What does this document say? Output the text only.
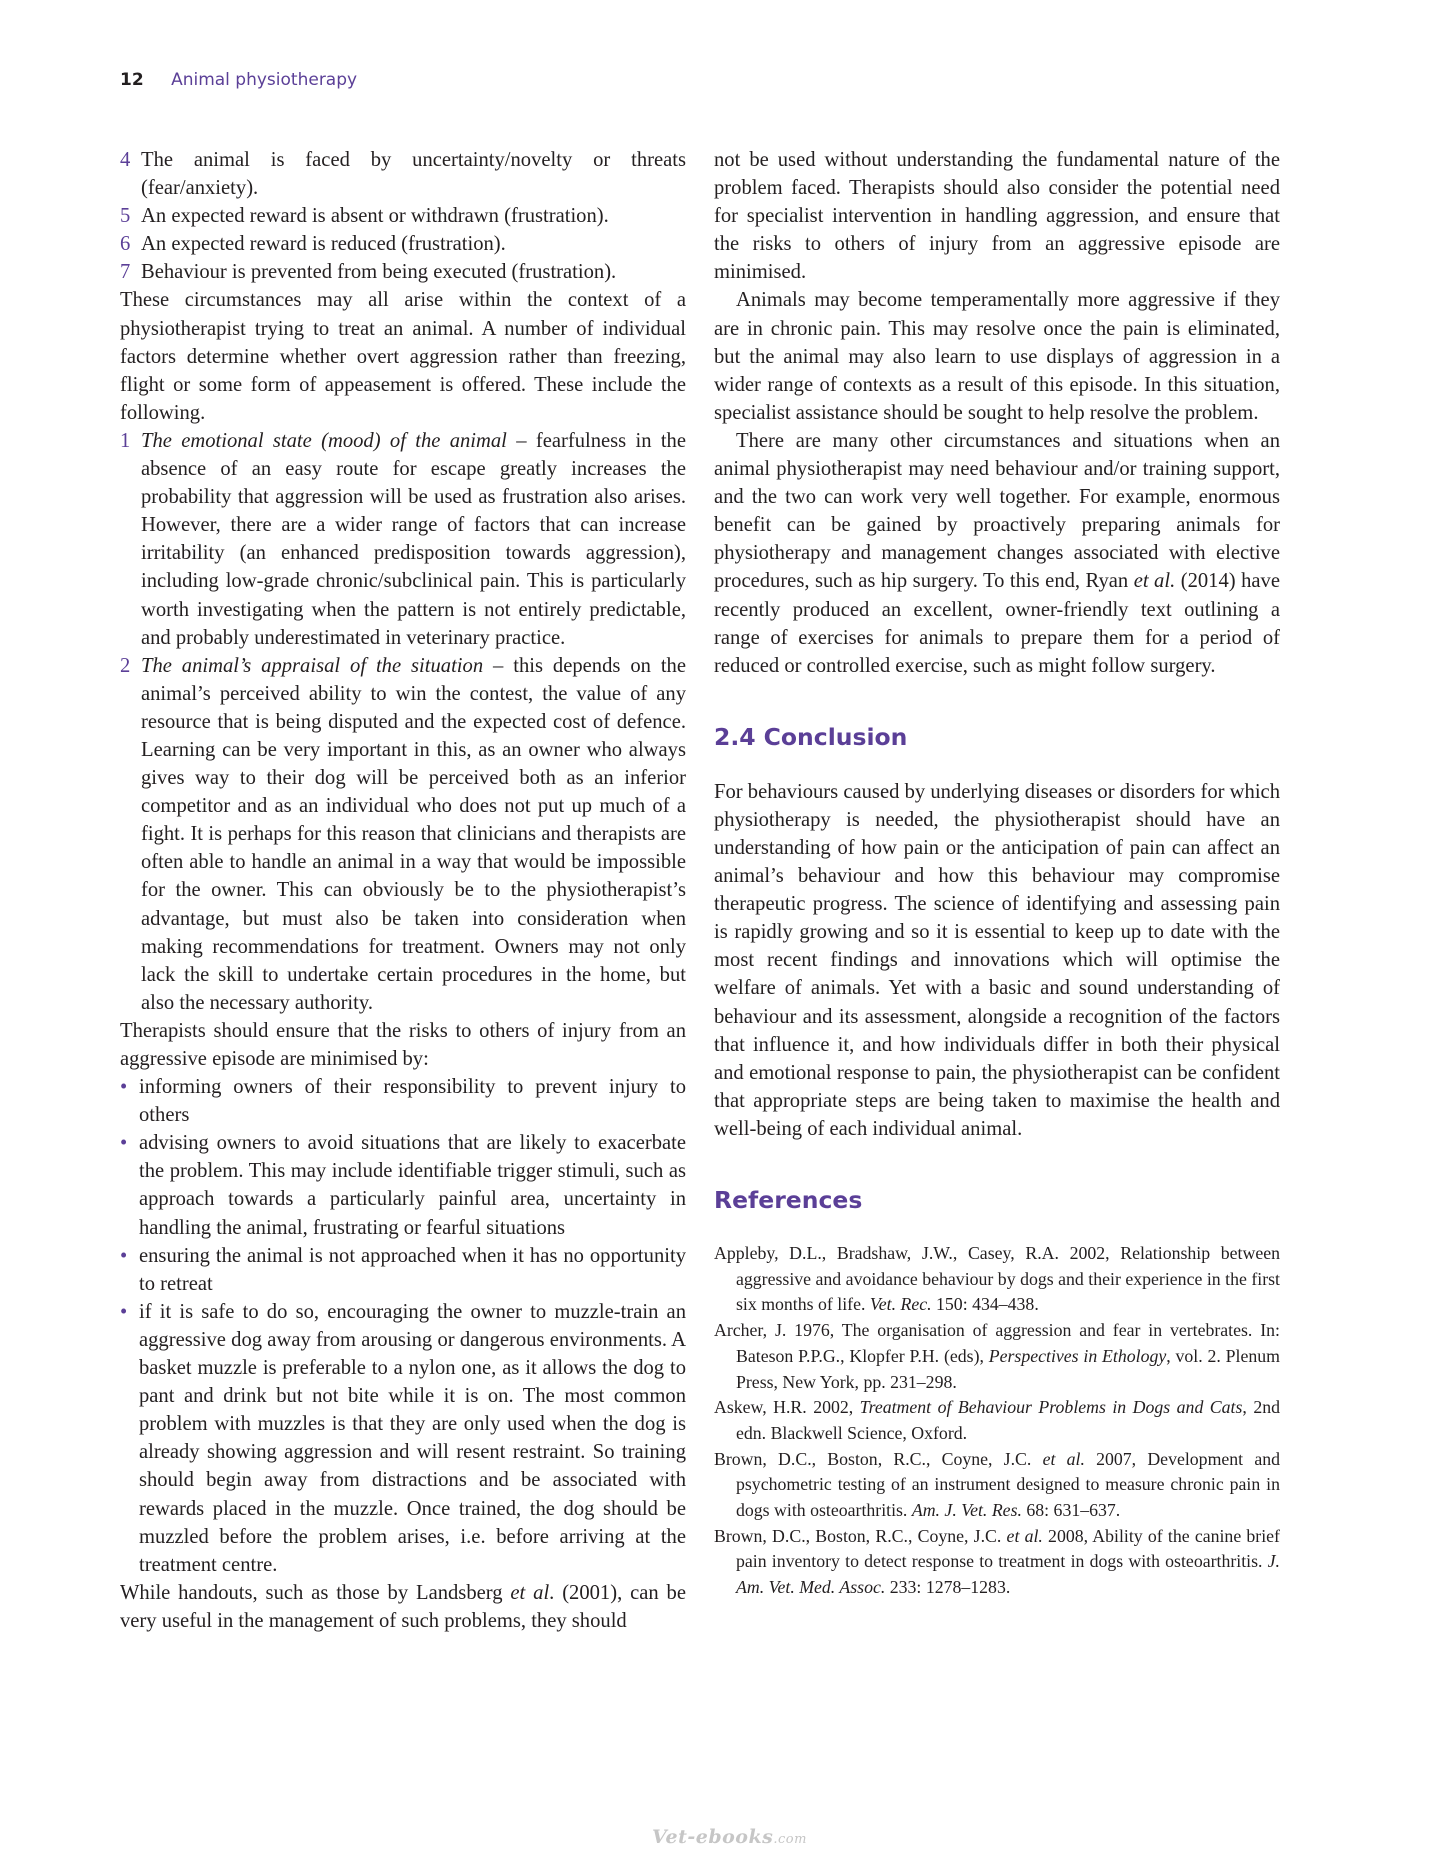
12 Animal physiotherapy
4 The animal is faced by uncertainty/novelty or threats (fear/anxiety).
5 An expected reward is absent or withdrawn (frustration).
6 An expected reward is reduced (frustration).
7 Behaviour is prevented from being executed (frustration).

These circumstances may all arise within the context of a physiotherapist trying to treat an animal. A number of individual factors determine whether overt aggression rather than freezing, flight or some form of appeasement is offered. These include the following.

1 The emotional state (mood) of the animal – fearfulness in the absence of an easy route for escape greatly increases the probability that aggression will be used as frustration also arises. However, there are a wider range of factors that can increase irritability (an enhanced predisposition towards aggression), including low-grade chronic/subclinical pain. This is particularly worth investigating when the pattern is not entirely predictable, and probably underestimated in veterinary practice.
2 The animal’s appraisal of the situation – this depends on the animal’s perceived ability to win the contest, the value of any resource that is being disputed and the expected cost of defence. Learning can be very important in this, as an owner who always gives way to their dog will be perceived both as an inferior competitor and as an individual who does not put up much of a fight. It is perhaps for this reason that clinicians and therapists are often able to handle an animal in a way that would be impossible for the owner. This can obviously be to the physiotherapist’s advantage, but must also be taken into consideration when making recommendations for treatment. Owners may not only lack the skill to undertake certain procedures in the home, but also the necessary authority.

Therapists should ensure that the risks to others of injury from an aggressive episode are minimised by:

• informing owners of their responsibility to prevent injury to others
• advising owners to avoid situations that are likely to exacerbate the problem. This may include identifiable trigger stimuli, such as approach towards a particularly painful area, uncertainty in handling the animal, frustrating or fearful situations
• ensuring the animal is not approached when it has no opportunity to retreat
• if it is safe to do so, encouraging the owner to muzzle-train an aggressive dog away from arousing or dangerous environments. A basket muzzle is preferable to a nylon one, as it allows the dog to pant and drink but not bite while it is on. The most common problem with muzzles is that they are only used when the dog is already showing aggression and will resent restraint. So training should begin away from distractions and be associated with rewards placed in the muzzle. Once trained, the dog should be muzzled before the problem arises, i.e. before arriving at the treatment centre.

While handouts, such as those by Landsberg et al. (2001), can be very useful in the management of such problems, they should

not be used without understanding the fundamental nature of the problem faced. Therapists should also consider the potential need for specialist intervention in handling aggression, and ensure that the risks to others of injury from an aggressive episode are minimised.

Animals may become temperamentally more aggressive if they are in chronic pain. This may resolve once the pain is eliminated, but the animal may also learn to use displays of aggression in a wider range of contexts as a result of this episode. In this situation, specialist assistance should be sought to help resolve the problem.

There are many other circumstances and situations when an animal physiotherapist may need behaviour and/or training support, and the two can work very well together. For example, enormous benefit can be gained by proactively preparing animals for physiotherapy and management changes associated with elective procedures, such as hip surgery. To this end, Ryan et al. (2014) have recently produced an excellent, owner-friendly text outlining a range of exercises for animals to prepare them for a period of reduced or controlled exercise, such as might follow surgery.

2.4 Conclusion

For behaviours caused by underlying diseases or disorders for which physiotherapy is needed, the physiotherapist should have an understanding of how pain or the anticipation of pain can affect an animal’s behaviour and how this behaviour may compromise therapeutic progress. The science of identifying and assessing pain is rapidly growing and so it is essential to keep up to date with the most recent findings and innovations which will optimise the welfare of animals. Yet with a basic and sound understanding of behaviour and its assessment, alongside a recognition of the factors that influence it, and how individuals differ in both their physical and emotional response to pain, the physiotherapist can be confident that appropriate steps are being taken to maximise the health and well-being of each individual animal.

References
Appleby, D.L., Bradshaw, J.W., Casey, R.A. 2002, Relationship between aggressive and avoidance behaviour by dogs and their experience in the first six months of life. Vet. Rec. 150: 434–438.
Archer, J. 1976, The organisation of aggression and fear in vertebrates. In: Bateson P.P.G., Klopfer P.H. (eds), Perspectives in Ethology, vol. 2. Plenum Press, New York, pp. 231–298.
Askew, H.R. 2002, Treatment of Behaviour Problems in Dogs and Cats, 2nd edn. Blackwell Science, Oxford.
Brown, D.C., Boston, R.C., Coyne, J.C. et al. 2007, Development and psychometric testing of an instrument designed to measure chronic pain in dogs with osteoarthritis. Am. J. Vet. Res. 68: 631–637.
Brown, D.C., Boston, R.C., Coyne, J.C. et al. 2008, Ability of the canine brief pain inventory to detect response to treatment in dogs with osteoarthritis. J. Am. Vet. Med. Assoc. 233: 1278–1283.
Vet-ebooks.com
